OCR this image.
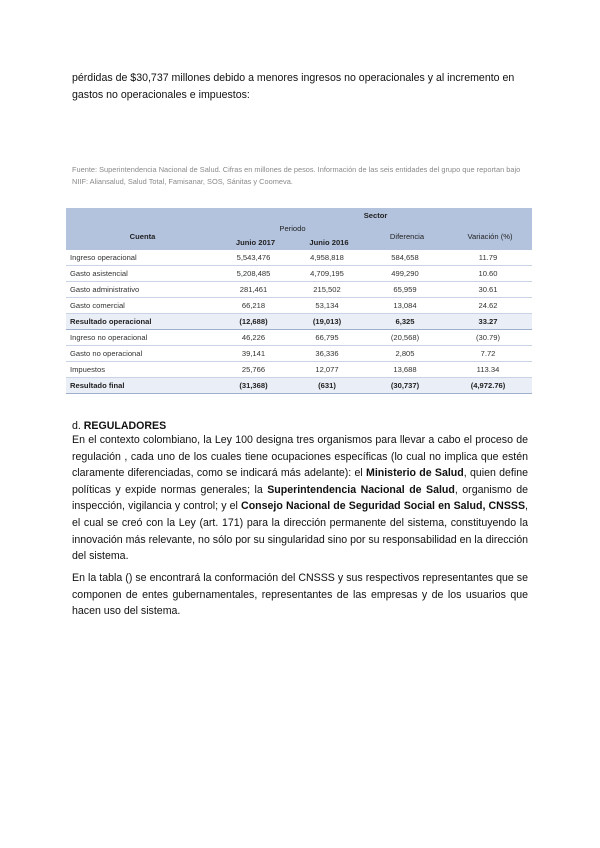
pérdidas de $30,737 millones debido a menores ingresos no operacionales y al incremento en gastos no operacionales e impuestos:

Fuente: Superintendencia Nacional de Salud. Cifras en millones de pesos. Información de las seis entidades del grupo que reportan bajo NIIF: Aliansalud, Salud Total, Famisanar, SOS, Sánitas y Coomeva.

	Sector			
Cuenta	Periodo		Diferencia	Variación (%)
	Junio 2017	Junio 2016		
Ingreso operacional	5,543,476	4,958,818	584,658	11.79
Gasto asistencial	5,208,485	4,709,195	499,290	10.60
Gasto administrativo	281,461	215,502	65,959	30.61
Gasto comercial	66,218	53,134	13,084	24.62
Resultado operacional	(12,688)	(19,013)	6,325	33.27
Ingreso no operacional	46,226	66,795	(20,568)	(30.79)
Gasto no operacional	39,141	36,336	2,805	7.72
Impuestos	25,766	12,077	13,688	113.34
Resultado final	(31,368)	(631)	(30,737)	(4,972.76)
d. REGULADORES

En el contexto colombiano, la Ley 100 designa tres organismos para llevar a cabo el proceso de regulación , cada uno de los cuales tiene ocupaciones específicas (lo cual no implica que estén claramente diferenciadas, como se indicará más adelante): el Ministerio de Salud, quien define políticas y expide normas generales; la Superintendencia Nacional de Salud, organismo de inspección, vigilancia y control; y el Consejo Nacional de Seguridad Social en Salud, CNSSS, el cual se creó con la Ley (art. 171) para la dirección permanente del sistema, constituyendo la innovación más relevante, no sólo por su singularidad sino por su responsabilidad en la dirección del sistema.

En la tabla () se encontrará la conformación del CNSSS y sus respectivos representantes que se componen de entes gubernamentales, representantes de las empresas y de los usuarios que hacen uso del sistema.
